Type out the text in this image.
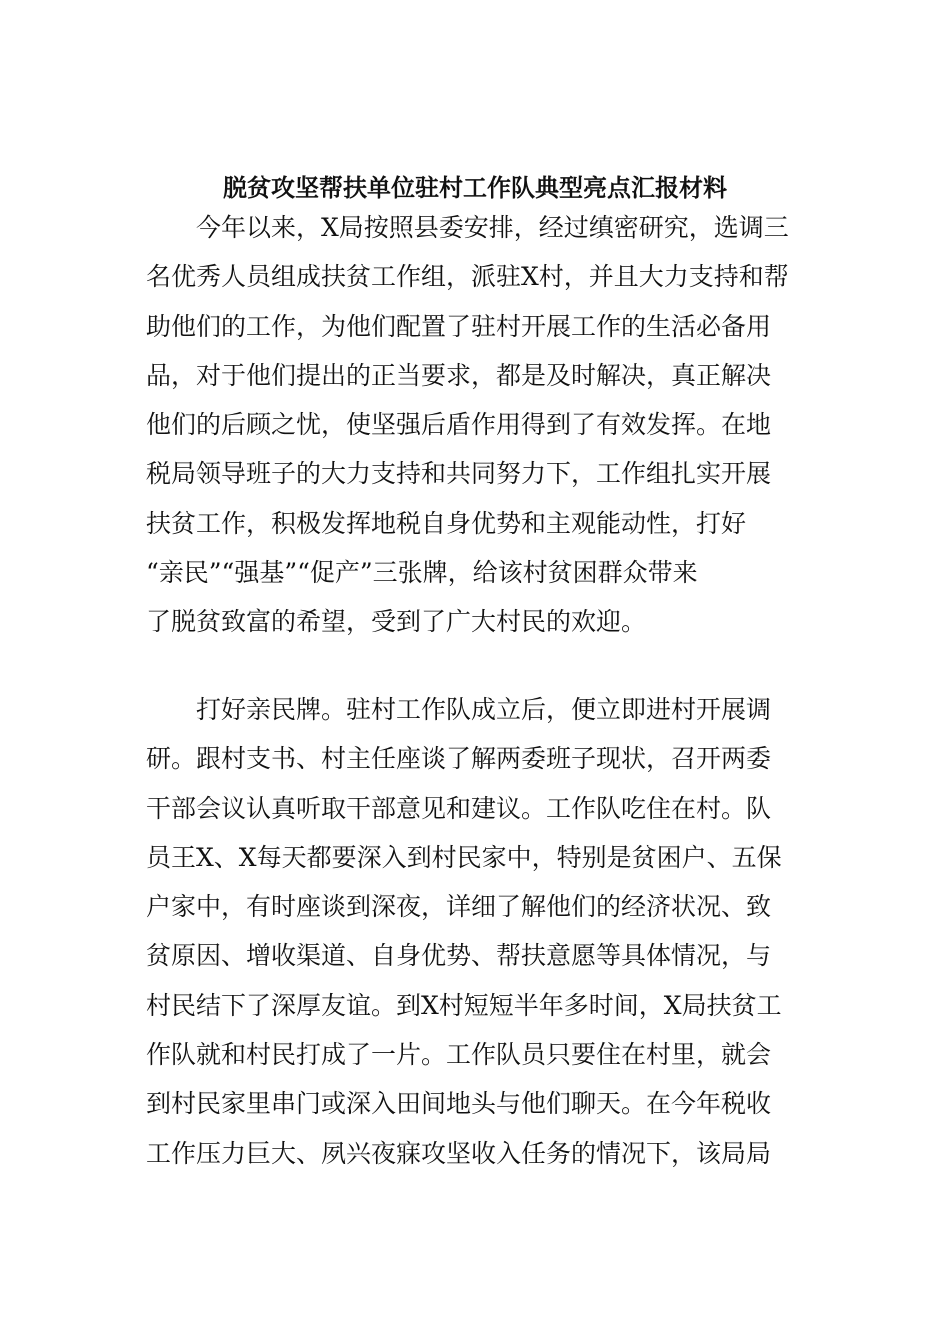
脱贫攻坚帮扶单位驻村工作队典型亮点汇报材料
今年以来，X局按照县委安排，经过缜密研究，选调三
名优秀人员组成扶贫工作组，派驻X村，并且大力支持和帮
助他们的工作，为他们配置了驻村开展工作的生活必备用
品，对于他们提出的正当要求，都是及时解决，真正解决
他们的后顾之忧，使坚强后盾作用得到了有效发挥。在地
税局领导班子的大力支持和共同努力下，工作组扎实开展
扶贫工作，积极发挥地税自身优势和主观能动性，打好
“亲民”“强基”“促产”三张牌，给该村贫困群众带来
了脱贫致富的希望，受到了广大村民的欢迎。
打好亲民牌。驻村工作队成立后，便立即进村开展调
研。跟村支书、村主任座谈了解两委班子现状，召开两委
干部会议认真听取干部意见和建议。工作队吃住在村。队
员王X、X每天都要深入到村民家中，特别是贫困户、五保
户家中，有时座谈到深夜，详细了解他们的经济状况、致
贫原因、增收渠道、自身优势、帮扶意愿等具体情况，与
村民结下了深厚友谊。到X村短短半年多时间，X局扶贫工
作队就和村民打成了一片。工作队员只要住在村里，就会
到村民家里串门或深入田间地头与他们聊天。在今年税收
工作压力巨大、夙兴夜寐攻坚收入任务的情况下，该局局
